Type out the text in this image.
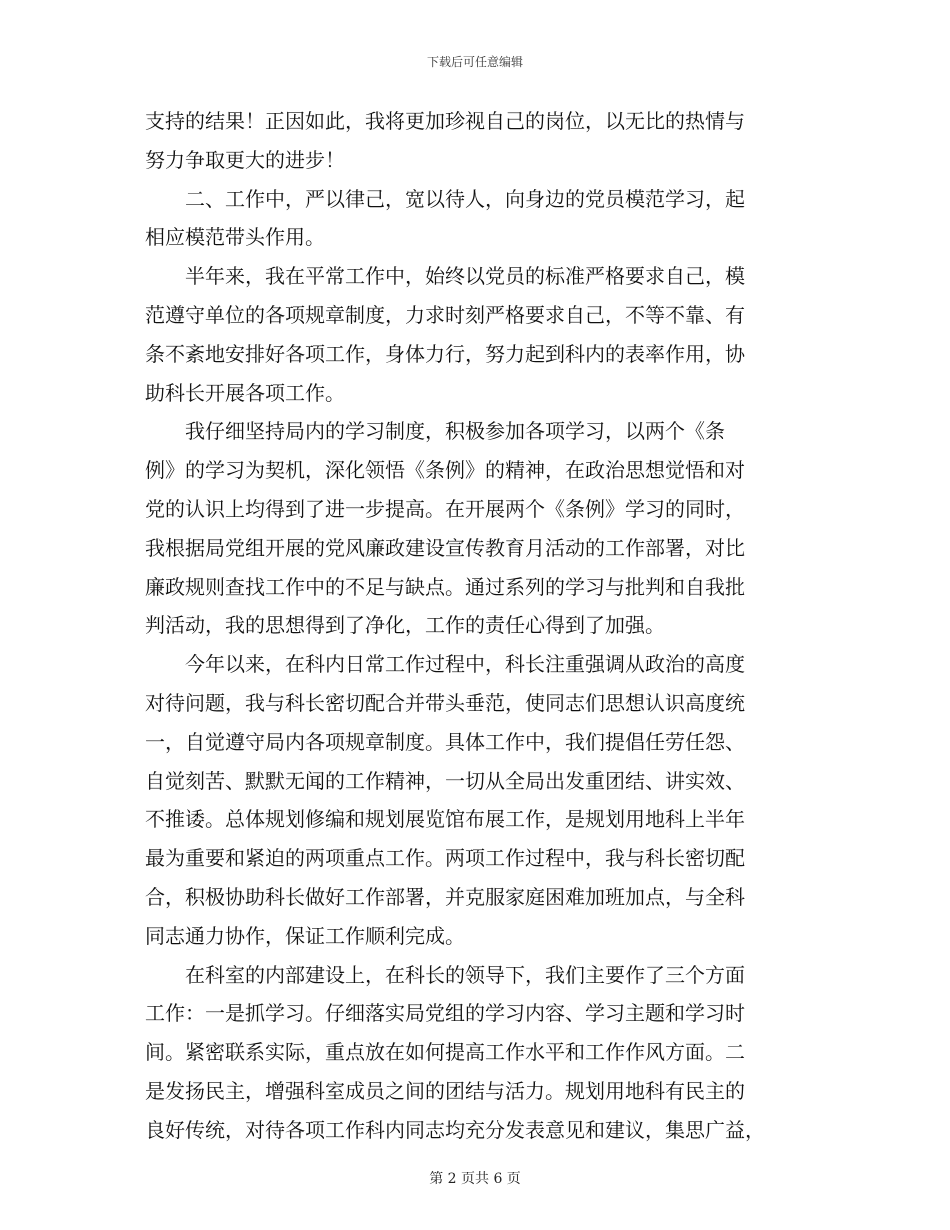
下载后可任意编辑
支持的结果！正因如此，我将更加珍视自己的岗位，以无比的热情与
努力争取更大的进步！
　　二、工作中，严以律己，宽以待人，向身边的党员模范学习，起
相应模范带头作用。
　　半年来，我在平常工作中，始终以党员的标准严格要求自己，模
范遵守单位的各项规章制度，力求时刻严格要求自己，不等不靠、有
条不紊地安排好各项工作，身体力行，努力起到科内的表率作用，协
助科长开展各项工作。
　　我仔细坚持局内的学习制度，积极参加各项学习，以两个《条
例》的学习为契机，深化领悟《条例》的精神，在政治思想觉悟和对
党的认识上均得到了进一步提高。在开展两个《条例》学习的同时，
我根据局党组开展的党风廉政建设宣传教育月活动的工作部署，对比
廉政规则查找工作中的不足与缺点。通过系列的学习与批判和自我批
判活动，我的思想得到了净化，工作的责任心得到了加强。
　　今年以来，在科内日常工作过程中，科长注重强调从政治的高度
对待问题，我与科长密切配合并带头垂范，使同志们思想认识高度统
一，自觉遵守局内各项规章制度。具体工作中，我们提倡任劳任怨、
自觉刻苦、默默无闻的工作精神，一切从全局出发重团结、讲实效、
不推诿。总体规划修编和规划展览馆布展工作，是规划用地科上半年
最为重要和紧迫的两项重点工作。两项工作过程中，我与科长密切配
合，积极协助科长做好工作部署，并克服家庭困难加班加点，与全科
同志通力协作，保证工作顺利完成。
　　在科室的内部建设上，在科长的领导下，我们主要作了三个方面
工作：一是抓学习。仔细落实局党组的学习内容、学习主题和学习时
间。紧密联系实际，重点放在如何提高工作水平和工作作风方面。二
是发扬民主，增强科室成员之间的团结与活力。规划用地科有民主的
良好传统，对待各项工作科内同志均充分发表意见和建议，集思广益，
第 2 页共 6 页
